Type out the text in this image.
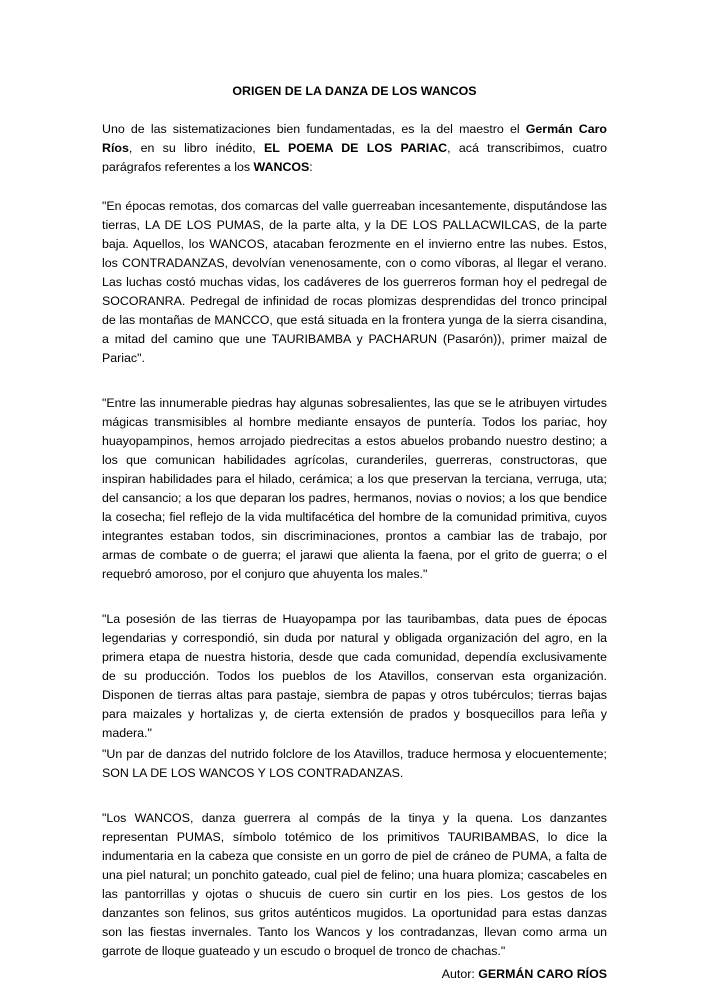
ORIGEN DE LA DANZA DE LOS WANCOS

Uno de las sistematizaciones bien fundamentadas, es la del maestro el Germán Caro Ríos, en su libro inédito, EL POEMA DE LOS PARIAC, acá transcribimos, cuatro parágrafos referentes a los WANCOS:

"En épocas remotas, dos comarcas del valle guerreaban incesantemente, disputándose las tierras, LA DE LOS PUMAS, de la parte alta, y la DE LOS PALLACWILCAS, de la parte baja. Aquellos, los WANCOS, atacaban ferozmente en el invierno entre las nubes. Estos, los CONTRADANZAS, devolvían venenosamente, con o como víboras, al llegar el verano. Las luchas costó muchas vidas, los cadáveres de los guerreros forman hoy el pedregal de SOCORANRA. Pedregal de infinidad de rocas plomizas desprendidas del tronco principal de las montañas de MANCCO, que está situada en la frontera yunga de la sierra cisandina, a mitad del camino que une TAURIBAMBA y PACHARUN (Pasarón)), primer maizal de Pariac".

"Entre las innumerable piedras hay algunas sobresalientes, las que se le atribuyen virtudes mágicas transmisibles al hombre mediante ensayos de puntería. Todos los pariac, hoy huayopampinos, hemos arrojado piedrecitas a estos abuelos probando nuestro destino; a los que comunican habilidades agrícolas, curanderiles, guerreras, constructoras, que inspiran habilidades para el hilado, cerámica; a los que preservan la terciana, verruga, uta; del cansancio; a los que deparan los padres, hermanos, novias o novios; a los que bendice la cosecha; fiel reflejo de la vida multifacética del hombre de la comunidad primitiva, cuyos integrantes estaban todos, sin discriminaciones, prontos a cambiar las de trabajo, por armas de combate o de guerra; el jarawi que alienta la faena, por el grito de guerra; o el requebró amoroso, por el conjuro que ahuyenta los males."

"La posesión de las tierras de Huayopampa por las tauribambas, data pues de épocas legendarias y correspondió, sin duda por natural y obligada organización del agro, en la primera etapa de nuestra historia, desde que cada comunidad, dependía exclusivamente de su producción. Todos los pueblos de los Atavillos, conservan esta organización. Disponen de tierras altas para pastaje, siembra de papas y otros tubérculos; tierras bajas para maizales y hortalizas y, de cierta extensión de prados y bosquecillos para leña y madera."

"Un par de danzas del nutrido folclore de los Atavillos, traduce hermosa y elocuentemente; SON LA DE LOS WANCOS Y LOS CONTRADANZAS.

"Los WANCOS, danza guerrera al compás de la tinya y la quena. Los danzantes representan PUMAS, símbolo totémico de los primitivos TAURIBAMBAS, lo dice la indumentaria en la cabeza que consiste en un gorro de piel de cráneo de PUMA, a falta de una piel natural; un ponchito gateado, cual piel de felino; una huara plomiza; cascabeles en las pantorrillas y ojotas o shucuis de cuero sin curtir en los pies. Los gestos de los danzantes son felinos, sus gritos auténticos mugidos. La oportunidad para estas danzas son las fiestas invernales. Tanto los Wancos y los contradanzas, llevan como arma un garrote de lloque guateado y un escudo o broquel de tronco de chachas."

Autor: GERMÁN CARO RÍOS
